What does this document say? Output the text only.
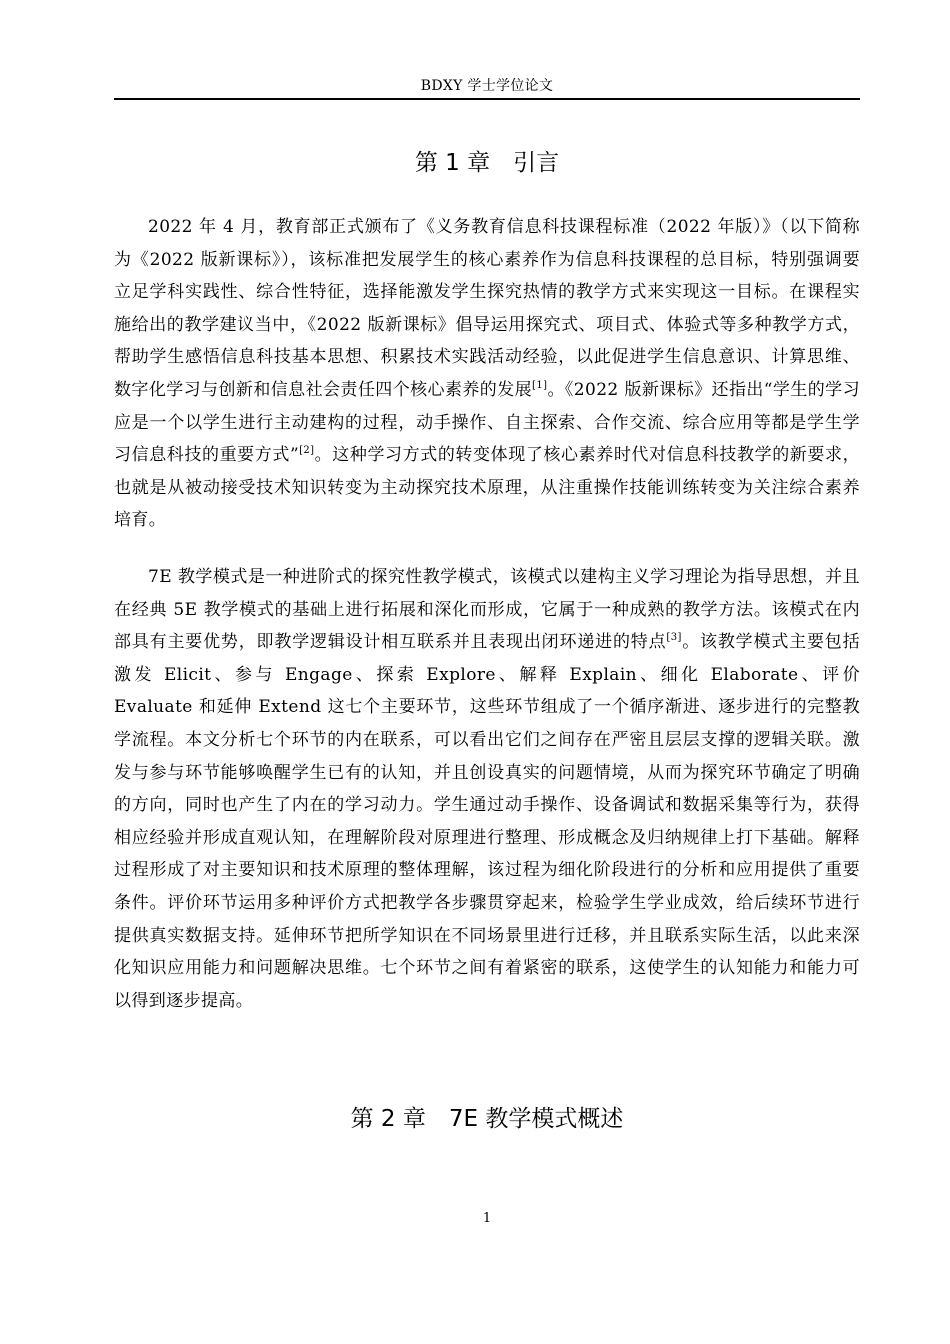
BDXY 学士学位论文
第 1 章　引言

2022 年 4 月，教育部正式颁布了《义务教育信息科技课程标准（2022 年版）》（以下简称为《2022 版新课标》），该标准把发展学生的核心素养作为信息科技课程的总目标，特别强调要立足学科实践性、综合性特征，选择能激发学生探究热情的教学方式来实现这一目标。在课程实施给出的教学建议当中，《2022 版新课标》倡导运用探究式、项目式、体验式等多种教学方式，帮助学生感悟信息科技基本思想、积累技术实践活动经验，以此促进学生信息意识、计算思维、数字化学习与创新和信息社会责任四个核心素养的发展[1]。《2022 版新课标》还指出“学生的学习应是一个以学生进行主动建构的过程，动手操作、自主探索、合作交流、综合应用等都是学生学习信息科技的重要方式”[2]。这种学习方式的转变体现了核心素养时代对信息科技教学的新要求，也就是从被动接受技术知识转变为主动探究技术原理，从注重操作技能训练转变为关注综合素养培育。

7E 教学模式是一种进阶式的探究性教学模式，该模式以建构主义学习理论为指导思想，并且在经典 5E 教学模式的基础上进行拓展和深化而形成，它属于一种成熟的教学方法。该模式在内部具有主要优势，即教学逻辑设计相互联系并且表现出闭环递进的特点[3]。该教学模式主要包括激发 Elicit、参与 Engage、探索 Explore、解释 Explain、细化 Elaborate、评价 Evaluate 和延伸 Extend 这七个主要环节，这些环节组成了一个循序渐进、逐步进行的完整教学流程。本文分析七个环节的内在联系，可以看出它们之间存在严密且层层支撑的逻辑关联。激发与参与环节能够唤醒学生已有的认知，并且创设真实的问题情境，从而为探究环节确定了明确的方向，同时也产生了内在的学习动力。学生通过动手操作、设备调试和数据采集等行为，获得相应经验并形成直观认知，在理解阶段对原理进行整理、形成概念及归纳规律上打下基础。解释过程形成了对主要知识和技术原理的整体理解，该过程为细化阶段进行的分析和应用提供了重要条件。评价环节运用多种评价方式把教学各步骤贯穿起来，检验学生学业成效，给后续环节进行提供真实数据支持。延伸环节把所学知识在不同场景里进行迁移，并且联系实际生活，以此来深化知识应用能力和问题解决思维。七个环节之间有着紧密的联系，这使学生的认知能力和能力可以得到逐步提高。

第 2 章　7E 教学模式概述
1
